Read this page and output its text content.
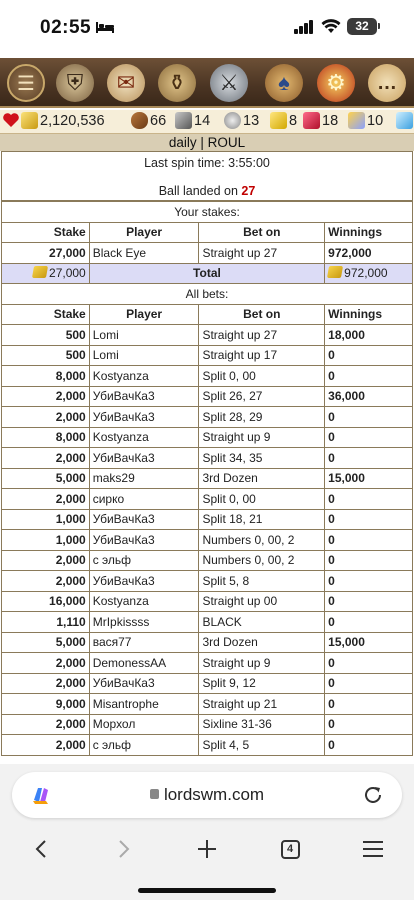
02:55	32
☰	⛨	✉	⚱	⚔	♠	⚙	…
2,120,536	66 14 13 8 18 10
daily | ROUL
Last spin time: 3:55:00
Ball landed on 27
Your stakes:			
Stake	Player	Bet on	Winnings
27,000	Black Eye	Straight up 27	972,000
27,000	Total		972,000
All bets:			
Stake	Player	Bet on	Winnings
500	Lomi	Straight up 27	18,000
500	Lomi	Straight up 17	0
8,000	Kostyanza	Split 0, 00	0
2,000	УбиВачКа3	Split 26, 27	36,000
2,000	УбиВачКа3	Split 28, 29	0
8,000	Kostyanza	Straight up 9	0
2,000	УбиВачКа3	Split 34, 35	0
5,000	maks29	3rd Dozen	15,000
2,000	сирко	Split 0, 00	0
1,000	УбиВачКа3	Split 18, 21	0
1,000	УбиВачКа3	Numbers 0, 00, 2	0
2,000	с эльф	Numbers 0, 00, 2	0
2,000	УбиВачКа3	Split 5, 8	0
16,000	Kostyanza	Straight up 00	0
1,110	MrIpkissss	BLACK	0
5,000	вася77	3rd Dozen	15,000
2,000	DemonessAA	Straight up 9	0
2,000	УбиВачКа3	Split 9, 12	0
9,000	Misantrophe	Straight up 21	0
2,000	Морхол	Sixline 31-36	0
2,000	с эльф	Split 4, 5	0
lordswm.com
4
